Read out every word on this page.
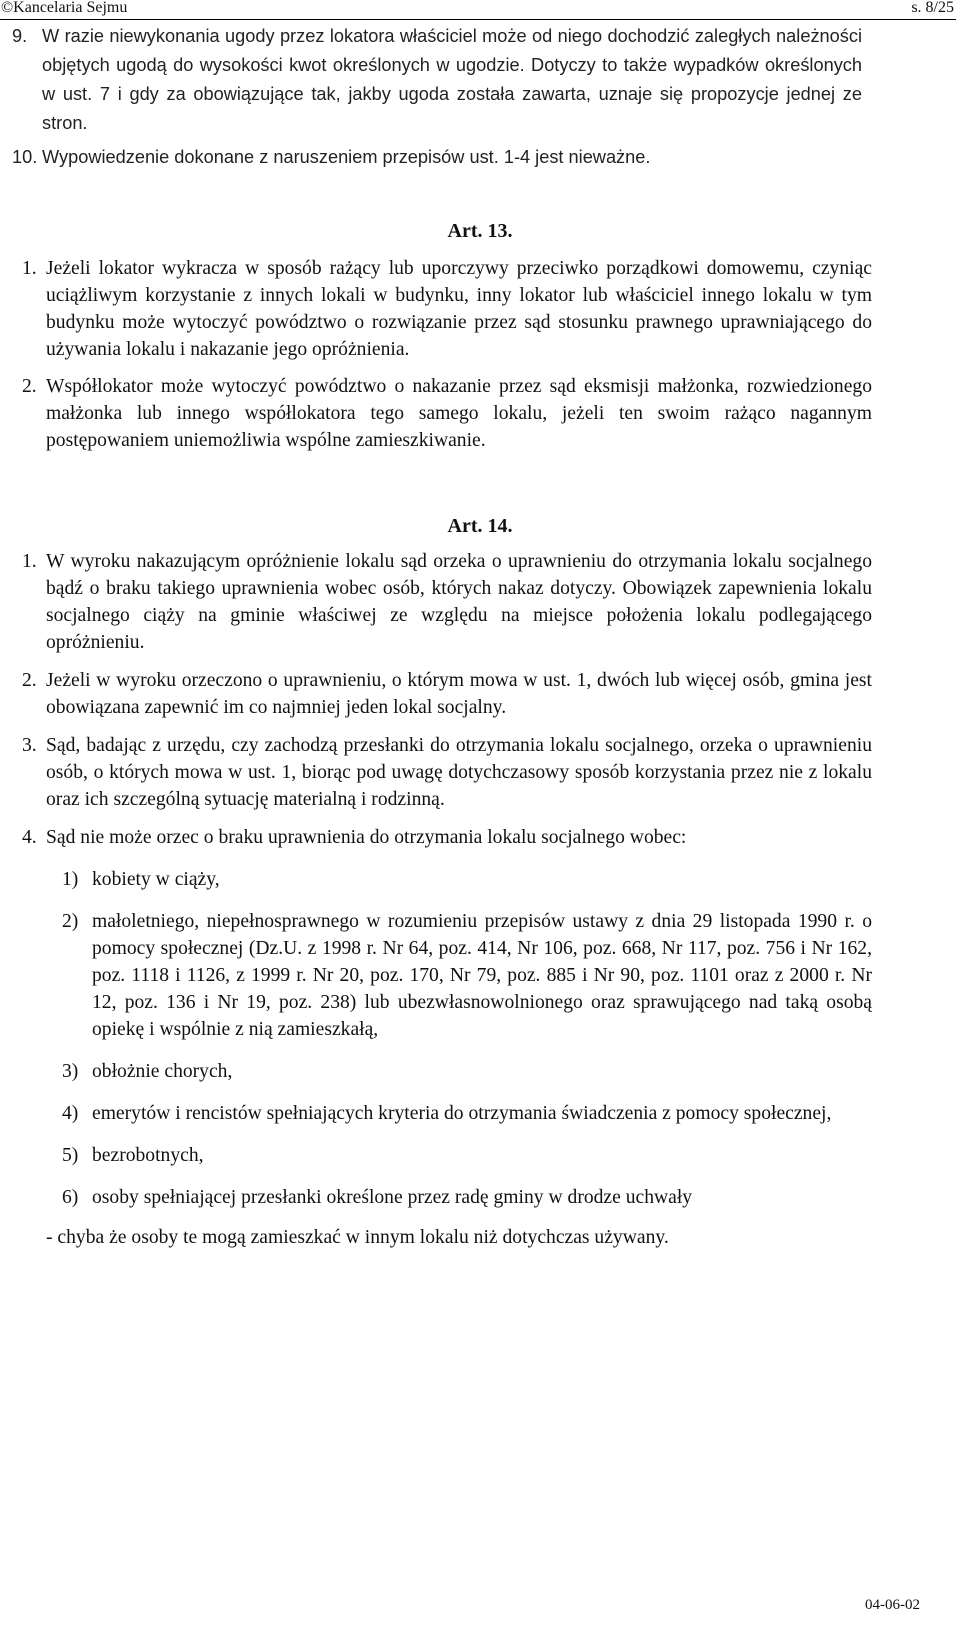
©Kancelaria Sejmu	s. 8/25
9. W razie niewykonania ugody przez lokatora właściciel może od niego dochodzić zaległych należności objętych ugodą do wysokości kwot określonych w ugodzie. Dotyczy to także wypadków określonych w ust. 7 i gdy za obowiązujące tak, jakby ugoda została zawarta, uznaje się propozycje jednej ze stron.
10. Wypowiedzenie dokonane z naruszeniem przepisów ust. 1-4 jest nieważne.
Art. 13.
1. Jeżeli lokator wykracza w sposób rażący lub uporczywy przeciwko porządkowi domowemu, czyniąc uciążliwym korzystanie z innych lokali w budynku, inny lokator lub właściciel innego lokalu w tym budynku może wytoczyć powództwo o rozwiązanie przez sąd stosunku prawnego uprawniającego do używania lokalu i nakazanie jego opróżnienia.
2. Współlokator może wytoczyć powództwo o nakazanie przez sąd eksmisji małżonka, rozwiedzionego małżonka lub innego współlokatora tego samego lokalu, jeżeli ten swoim rażąco nagannym postępowaniem uniemożliwia wspólne zamieszkiwanie.
Art. 14.
1. W wyroku nakazującym opróżnienie lokalu sąd orzeka o uprawnieniu do otrzymania lokalu socjalnego bądź o braku takiego uprawnienia wobec osób, których nakaz dotyczy. Obowiązek zapewnienia lokalu socjalnego ciąży na gminie właściwej ze względu na miejsce położenia lokalu podlegającego opróżnieniu.
2. Jeżeli w wyroku orzeczono o uprawnieniu, o którym mowa w ust. 1, dwóch lub więcej osób, gmina jest obowiązana zapewnić im co najmniej jeden lokal socjalny.
3. Sąd, badając z urzędu, czy zachodzą przesłanki do otrzymania lokalu socjalnego, orzeka o uprawnieniu osób, o których mowa w ust. 1, biorąc pod uwagę dotychczasowy sposób korzystania przez nie z lokalu oraz ich szczególną sytuację materialną i rodzinną.
4. Sąd nie może orzec o braku uprawnienia do otrzymania lokalu socjalnego wobec:
1) kobiety w ciąży,
2) małoletniego, niepełnosprawnego w rozumieniu przepisów ustawy z dnia 29 listopada 1990 r. o pomocy społecznej (Dz.U. z 1998 r. Nr 64, poz. 414, Nr 106, poz. 668, Nr 117, poz. 756 i Nr 162, poz. 1118 i 1126, z 1999 r. Nr 20, poz. 170, Nr 79, poz. 885 i Nr 90, poz. 1101 oraz z 2000 r. Nr 12, poz. 136 i Nr 19, poz. 238) lub ubezwłasnowolnionego oraz sprawującego nad taką osobą opiekę i wspólnie z nią zamieszkałą,
3) obłożnie chorych,
4) emerytów i rencistów spełniających kryteria do otrzymania świadczenia z pomocy społecznej,
5) bezrobotnych,
6) osoby spełniającej przesłanki określone przez radę gminy w drodze uchwały
- chyba że osoby te mogą zamieszkać w innym lokalu niż dotychczas używany.
04-06-02
